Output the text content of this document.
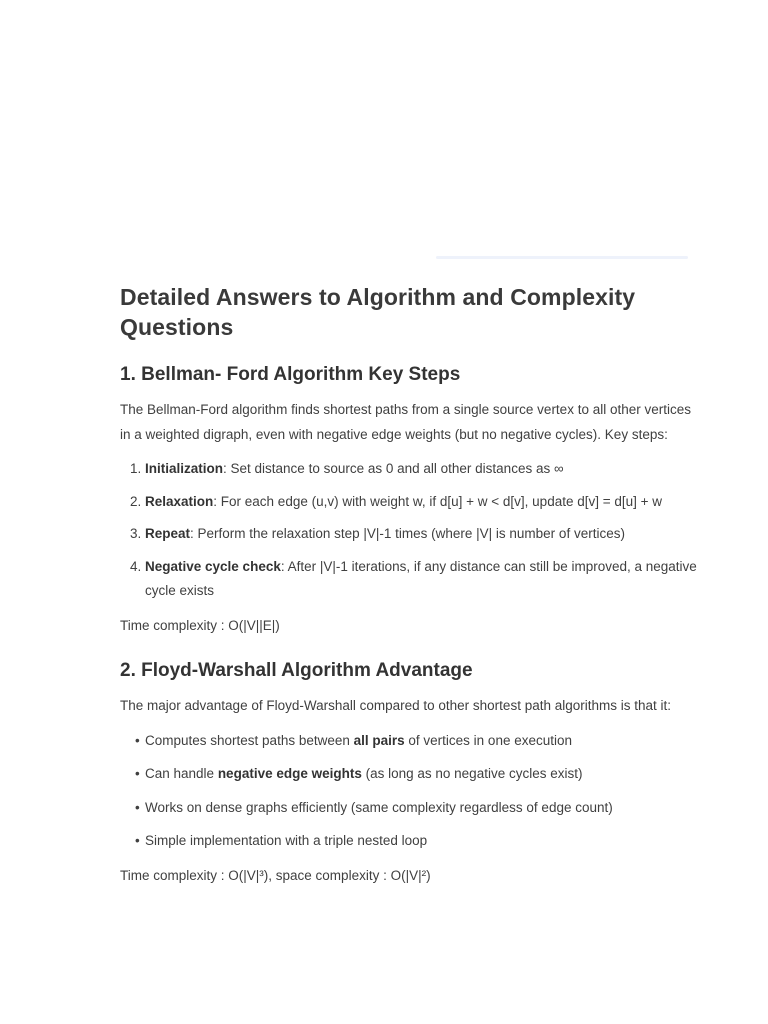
Detailed Answers to Algorithm and Complexity Questions
1. Bellman- Ford Algorithm Key Steps

The Bellman-Ford algorithm finds shortest paths from a single source vertex to all other vertices in a weighted digraph, even with negative edge weights (but no negative cycles). Key steps:

1. Initialization: Set distance to source as 0 and all other distances as ∞
2. Relaxation: For each edge (u,v) with weight w, if d[u] + w < d[v], update d[v] = d[u] + w
3. Repeat: Perform the relaxation step |V|-1 times (where |V| is number of vertices)
4. Negative cycle check: After |V|-1 iterations, if any distance can still be improved, a negative cycle exists

Time complexity : O(|V||E|)

2. Floyd-Warshall Algorithm Advantage

The major advantage of Floyd-Warshall compared to other shortest path algorithms is that it:

• Computes shortest paths between all pairs of vertices in one execution
• Can handle negative edge weights (as long as no negative cycles exist)
• Works on dense graphs efficiently (same complexity regardless of edge count)
• Simple implementation with a triple nested loop

Time complexity : O(|V|³), space complexity : O(|V|²)
